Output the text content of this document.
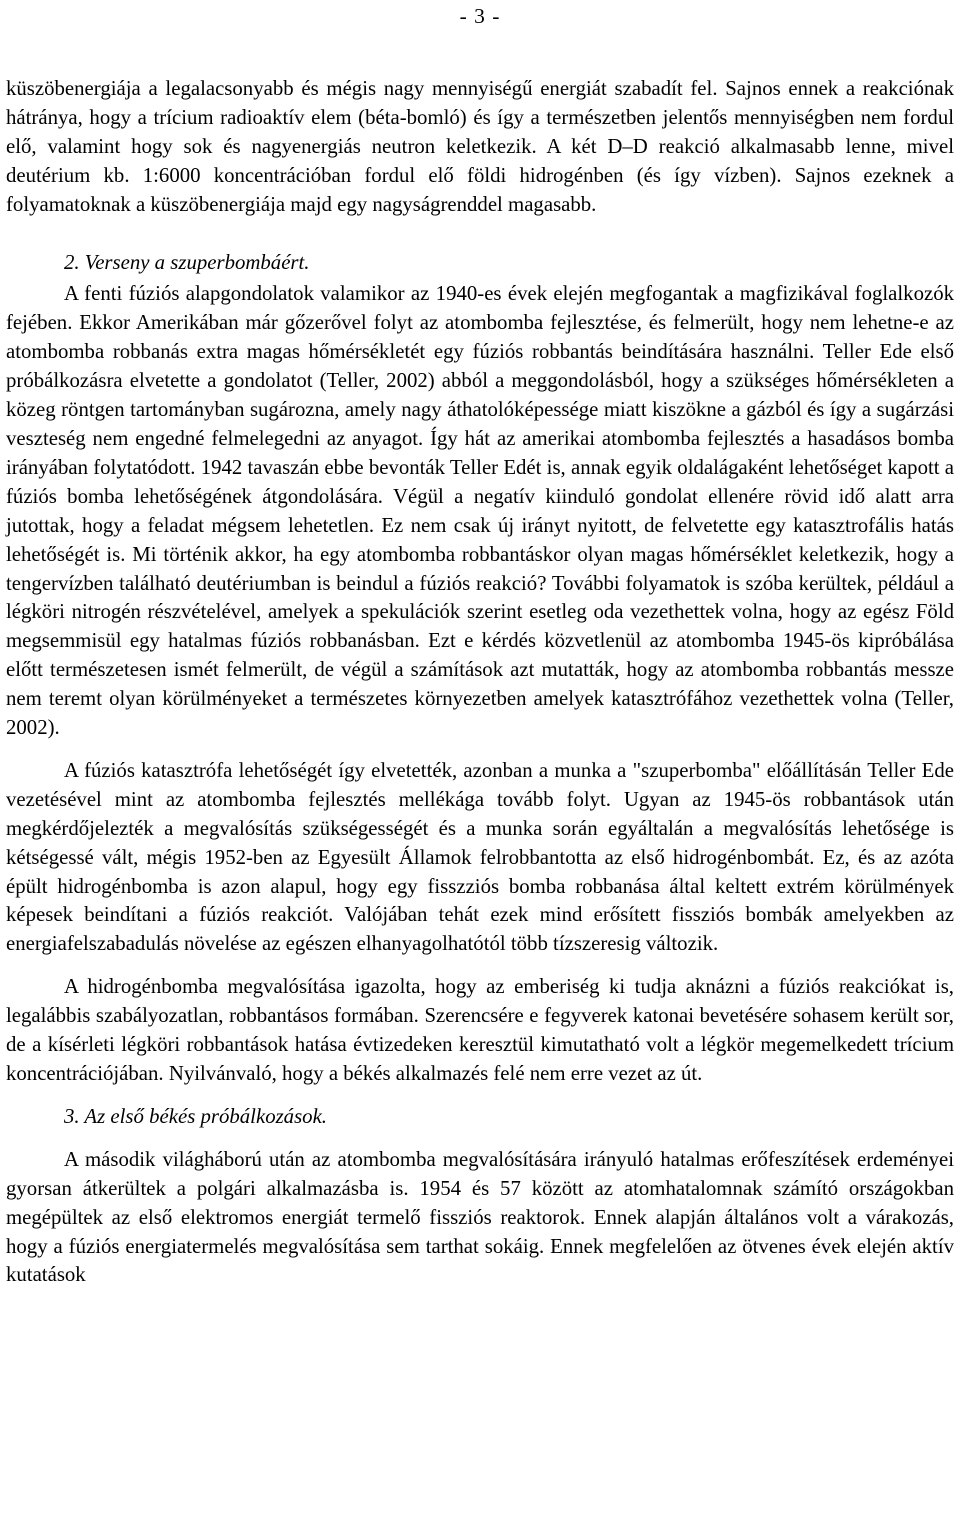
- 3 -

küszöbenergiája a legalacsonyabb és mégis nagy mennyiségű energiát szabadít fel. Sajnos ennek a reakciónak hátránya, hogy a trícium radioaktív elem (béta-bomló) és így a természetben jelentős mennyiségben nem fordul elő, valamint hogy sok és nagyenergiás neutron keletkezik. A két D–D reakció alkalmasabb lenne, mivel deutérium kb. 1:6000 koncentrációban fordul elő földi hidrogénben (és így vízben). Sajnos ezeknek a folyamatoknak a küszöbenergiája majd egy nagyságrenddel magasabb.

2. Verseny a szuperbombáért.

A fenti fúziós alapgondolatok valamikor az 1940-es évek elején megfogantak a magfizikával foglalkozók fejében. Ekkor Amerikában már gőzerővel folyt az atombomba fejlesztése, és felmerült, hogy nem lehetne-e az atombomba robbanás extra magas hőmérsékletét egy fúziós robbantás beindítására használni. Teller Ede első próbálkozásra elvetette a gondolatot (Teller, 2002) abból a meggondolásból, hogy a szükséges hőmérsékleten a közeg röntgen tartományban sugározna, amely nagy áthatolóképessége miatt kiszökne a gázból és így a sugárzási veszteség nem engedné felmelegedni az anyagot. Így hát az amerikai atombomba fejlesztés a hasadásos bomba irányában folytatódott. 1942 tavaszán ebbe bevonták Teller Edét is, annak egyik oldalágaként lehetőséget kapott a fúziós bomba lehetőségének átgondolására. Végül a negatív kiinduló gondolat ellenére rövid idő alatt arra jutottak, hogy a feladat mégsem lehetetlen. Ez nem csak új irányt nyitott, de felvetette egy katasztrofális hatás lehetőségét is. Mi történik akkor, ha egy atombomba robbantáskor olyan magas hőmérséklet keletkezik, hogy a tengervízben található deutériumban is beindul a fúziós reakció? További folyamatok is szóba kerültek, például a légköri nitrogén részvételével, amelyek a spekulációk szerint esetleg oda vezethettek volna, hogy az egész Föld megsemmisül egy hatalmas fúziós robbanásban. Ezt e kérdés közvetlenül az atombomba 1945-ös kipróbálása előtt természetesen ismét felmerült, de végül a számítások azt mutatták, hogy az atombomba robbantás messze nem teremt olyan körülményeket a természetes környezetben amelyek katasztrófához vezethettek volna (Teller, 2002).

A fúziós katasztrófa lehetőségét így elvetették, azonban a munka a "szuperbomba" előállításán Teller Ede vezetésével mint az atombomba fejlesztés mellékága tovább folyt. Ugyan az 1945-ös robbantások után megkérdőjelezték a megvalósítás szükségességét és a munka során egyáltalán a megvalósítás lehetősége is kétségessé vált, mégis 1952-ben az Egyesült Államok felrobbantotta az első hidrogénbombát. Ez, és az azóta épült hidrogénbomba is azon alapul, hogy egy fisszziós bomba robbanása által keltett extrém körülmények képesek beindítani a fúziós reakciót. Valójában tehát ezek mind erősített fissziós bombák amelyekben az energiafelszabadulás növelése az egészen elhanyagolhatótól több tízszeresig változik.

A hidrogénbomba megvalósítása igazolta, hogy az emberiség ki tudja aknázni a fúziós reakciókat is, legalábbis szabályozatlan, robbantásos formában. Szerencsére e fegyverek katonai bevetésére sohasem került sor, de a kísérleti légköri robbantások hatása évtizedeken keresztül kimutatható volt a légkör megemelkedett trícium koncentrációjában. Nyilvánvaló, hogy a békés alkalmazés felé nem erre vezet az út.

3. Az első békés próbálkozások.

A második világháború után az atombomba megvalósítására irányuló hatalmas erőfeszítések erdeményei gyorsan átkerültek a polgári alkalmazásba is. 1954 és 57 között az atomhatalomnak számító országokban megépültek az első elektromos energiát termelő fissziós reaktorok. Ennek alapján általános volt a várakozás, hogy a fúziós energiatermelés megvalósítása sem tarthat sokáig. Ennek megfelelően az ötvenes évek elején aktív kutatások
